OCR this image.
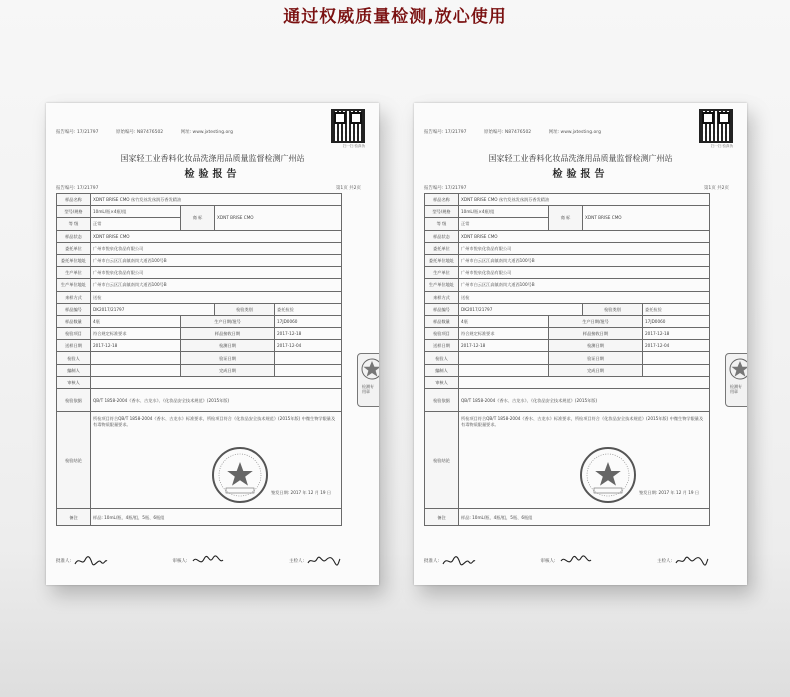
通过权威质量检测,放心使用
报告编号: 17/21797	原始编号: N87476502	网址: www.jxtesting.org
扫一扫 验真伪
国家轻工业香料化妆品洗涤用品质量监督检测广州站
检验报告
报告编号: 17/21797	第1页 共2页
样品名称	XDNT BRISE CMO 丝竹发丝发丝润芬香发精油			
型号/规格	10mL/瓶×4瓶/组	商 标	XDNT BRISE CMO	
等 级	正常			
样品状态	XDNT BRISE CMO			
委托单位	广州市悦泉化妆品有限公司			
委托单位地址	广州市白云区江高镇南岗大道西100号B			
生产单位	广州市悦泉化妆品有限公司			
生产单位地址	广州市白云区江高镇南岗大道西100号B			
来样方式	送检			
样品编号	DK2017/21797		检验类别	委托检验
样品数量	4瓶	生产日期/批号		17JD0060
检验项目	符合规定标准要求	样品接收日期		2017-12-18
送样日期	2017-12-18	检测日期		2017-12-04
检验人		验证日期		
编制人		完成日期		
审核人				
检验依据	QB/T 1858-2004《香水、古龙水》、《化妆品安全技术规范》(2015年版)			
检验结论	所检项目符合QB/T 1858-2004《香水、古龙水》标准要求，所检项目符合《化妆品安全技术规范》(2015年版) 中微生物学限量及有毒物质限量要求。
签发日期: 2017 年 12 月 19 日			

备注	样品: 10mL/瓶、4瓶/组，5瓶、6瓶组			
检测专用章
批准人:	审核人:	主检人:
报告编号: 17/21797	原始编号: N87476502	网址: www.jxtesting.org
扫一扫 验真伪
国家轻工业香料化妆品洗涤用品质量监督检测广州站
检验报告
报告编号: 17/21797	第1页 共2页
样品名称	XDNT BRISE CMO 丝竹发丝发丝润芬香发精油			
型号/规格	10mL/瓶×4瓶/组	商 标	XDNT BRISE CMO	
等 级	正常			
样品状态	XDNT BRISE CMO			
委托单位	广州市悦泉化妆品有限公司			
委托单位地址	广州市白云区江高镇南岗大道西100号B			
生产单位	广州市悦泉化妆品有限公司			
生产单位地址	广州市白云区江高镇南岗大道西100号B			
来样方式	送检			
样品编号	DK2017/21797		检验类别	委托检验
样品数量	4瓶	生产日期/批号		17JD0060
检验项目	符合规定标准要求	样品接收日期		2017-12-18
送样日期	2017-12-18	检测日期		2017-12-04
检验人		验证日期		
编制人		完成日期		
审核人				
检验依据	QB/T 1858-2004《香水、古龙水》、《化妆品安全技术规范》(2015年版)			
检验结论	所检项目符合QB/T 1858-2004《香水、古龙水》标准要求，所检项目符合《化妆品安全技术规范》(2015年版) 中微生物学限量及有毒物质限量要求。
签发日期: 2017 年 12 月 19 日			

备注	样品: 10mL/瓶、4瓶/组，5瓶、6瓶组			
检测专用章
批准人:	审核人:	主检人:
